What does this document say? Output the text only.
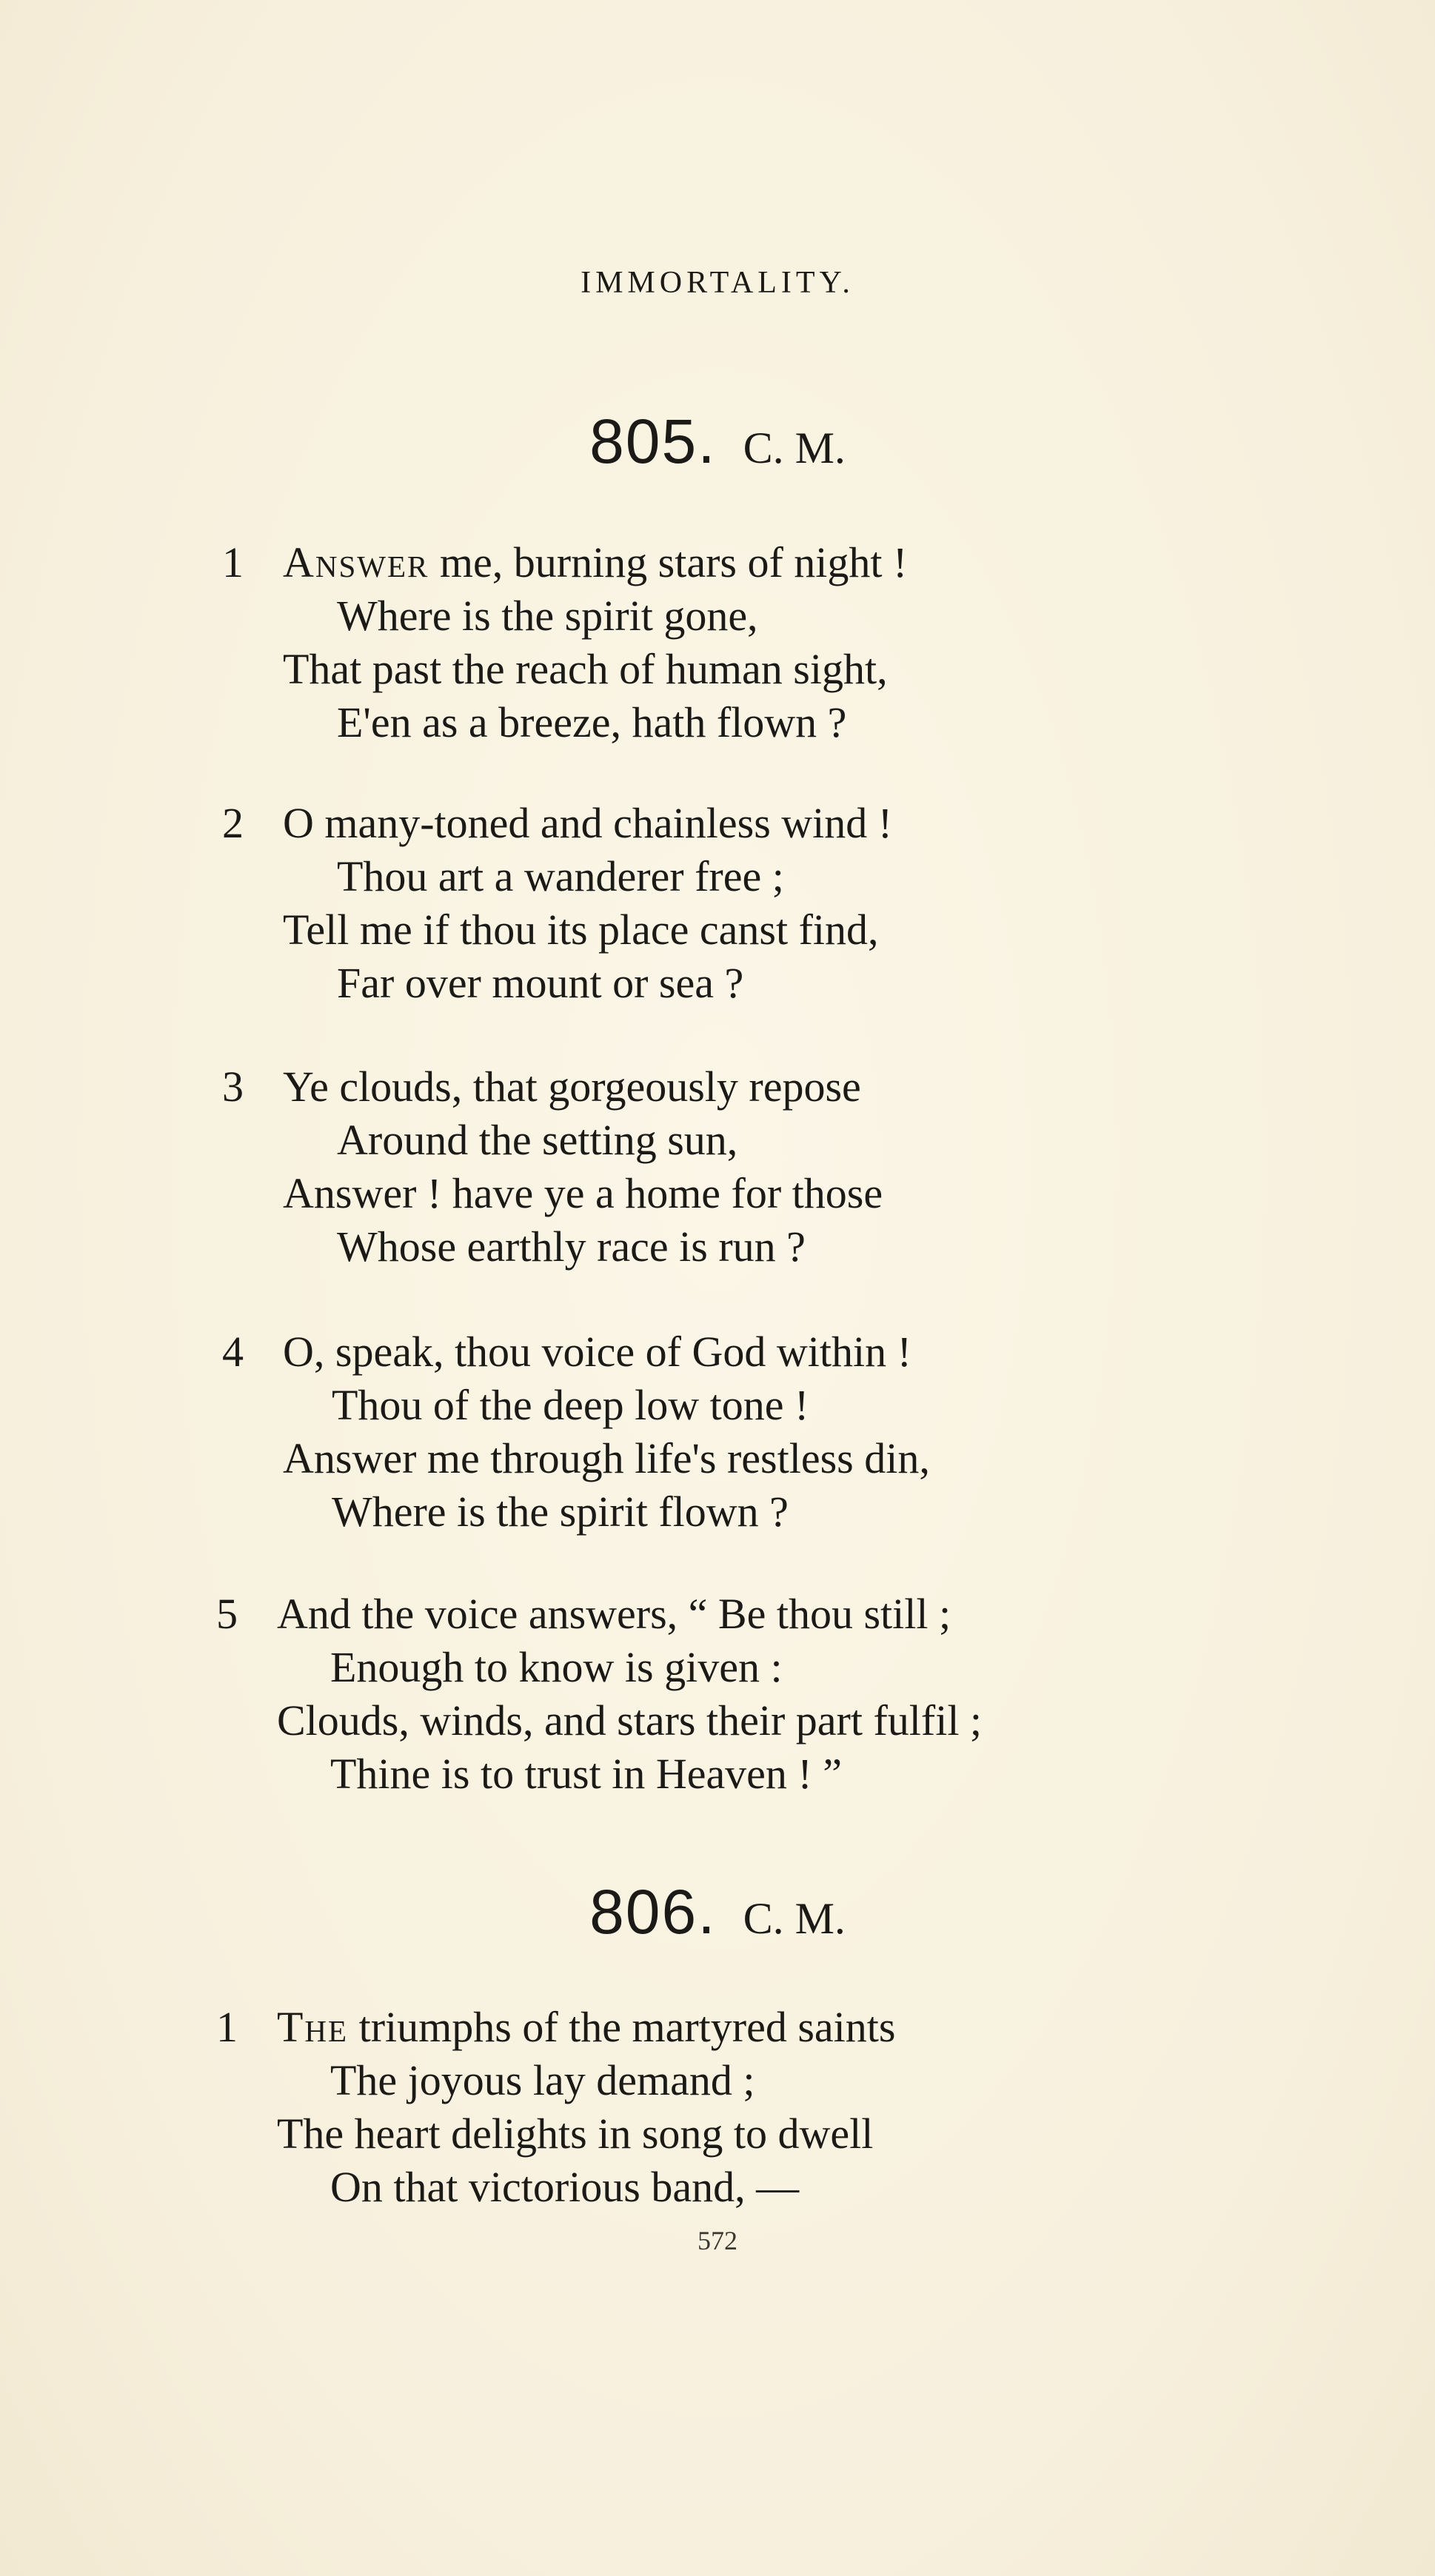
IMMORTALITY.
805. C. M.
1 Answer me, burning stars of night !
Where is the spirit gone,
That past the reach of human sight,
E'en as a breeze, hath flown ?
2 O many-toned and chainless wind !
Thou art a wanderer free ;
Tell me if thou its place canst find,
Far over mount or sea ?
3 Ye clouds, that gorgeously repose
Around the setting sun,
Answer ! have ye a home for those
Whose earthly race is run ?
4 O, speak, thou voice of God within !
Thou of the deep low tone !
Answer me through life's restless din,
Where is the spirit flown ?
5 And the voice answers, “ Be thou still ;
Enough to know is given :
Clouds, winds, and stars their part fulfil ;
Thine is to trust in Heaven ! ”
806. C. M.
1 The triumphs of the martyred saints
The joyous lay demand ;
The heart delights in song to dwell
On that victorious band, —
572
